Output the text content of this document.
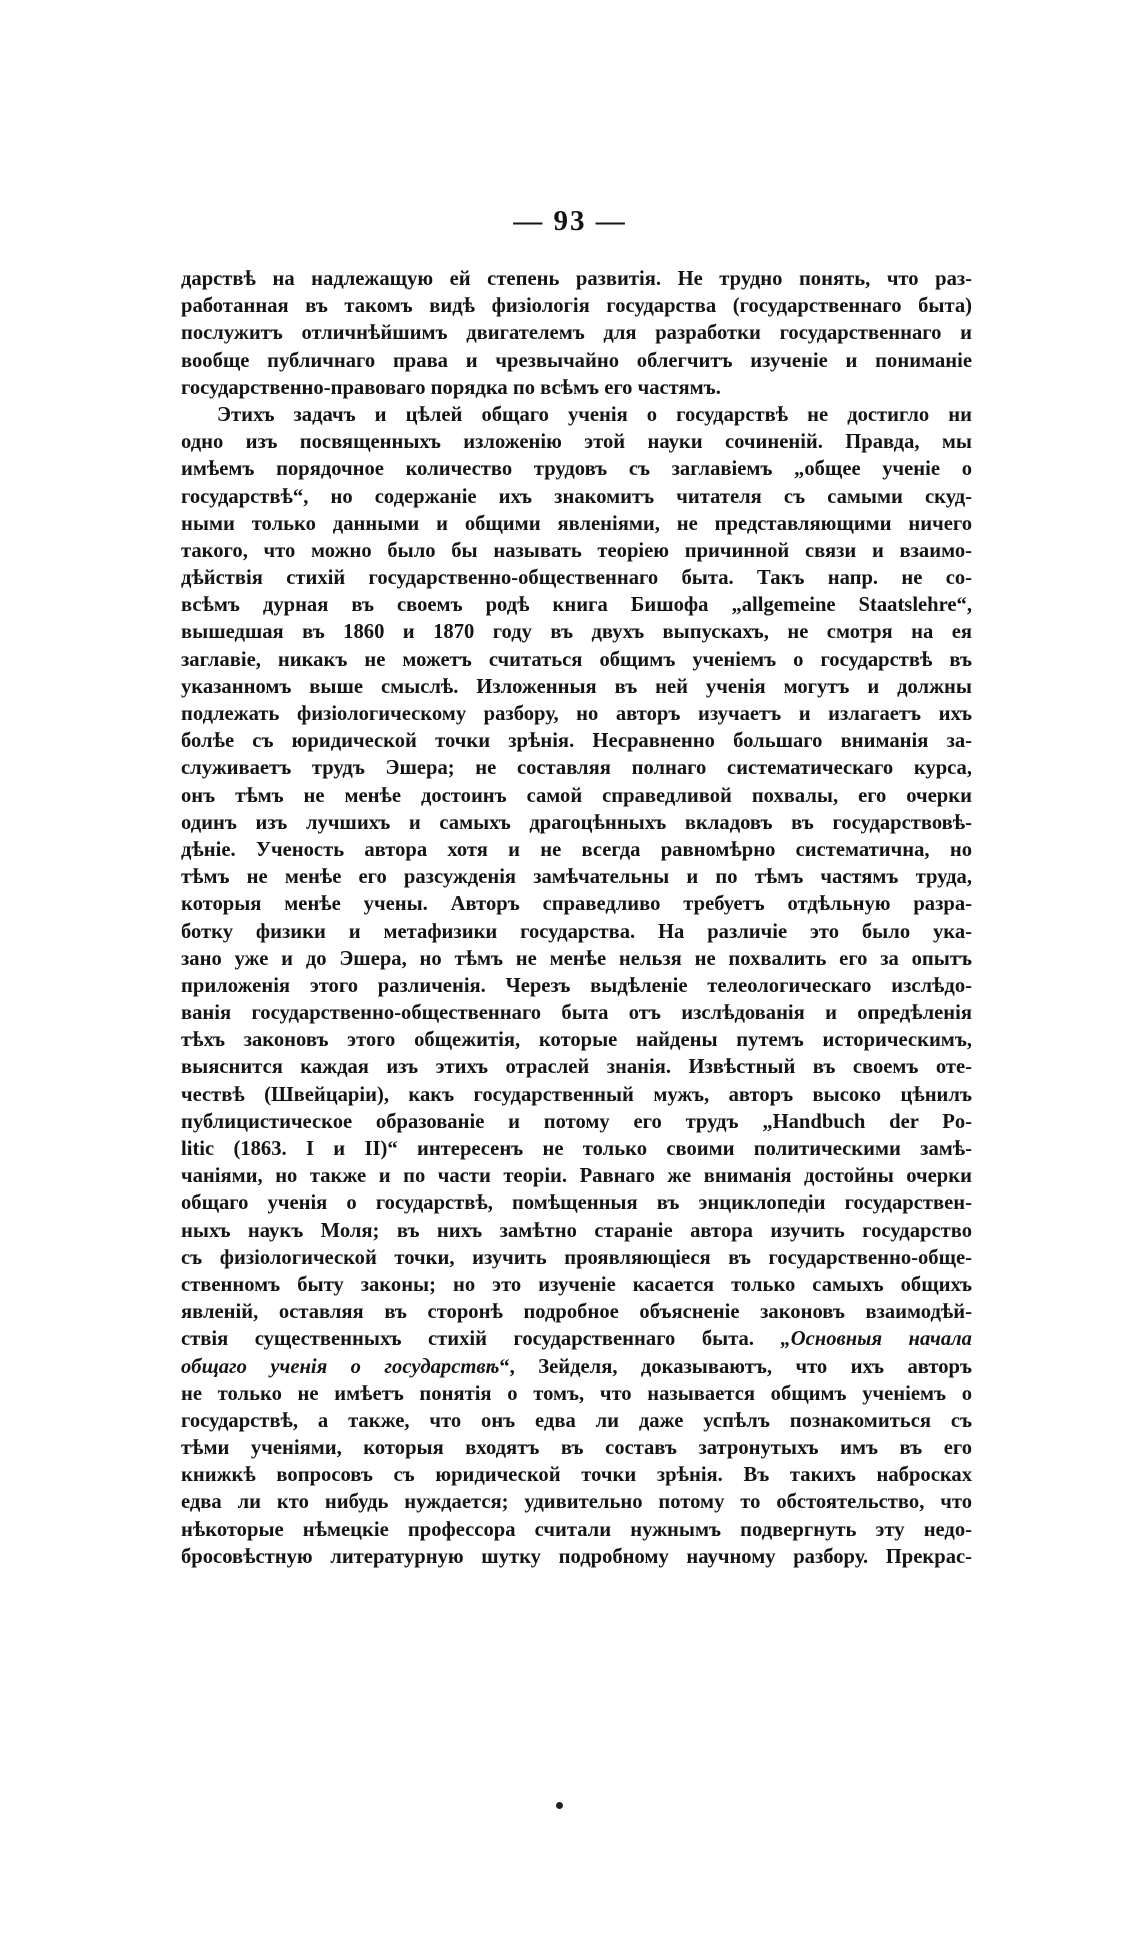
— 93 —
дарствѣ на надлежащую ей степень развитія. Не трудно понять, что раз-
работанная въ такомъ видѣ физіологія государства (государственнаго быта)
послужитъ отличнѣйшимъ двигателемъ для разработки государственнаго и
вообще публичнаго права и чрезвычайно облегчитъ изученіе и пониманіе
государственно-правоваго порядка по всѣмъ его частямъ.
Этихъ задачъ и цѣлей общаго ученія о государствѣ не достигло ни
одно изъ посвященныхъ изложенію этой науки сочиненій. Правда, мы
имѣемъ порядочное количество трудовъ съ заглавіемъ „общее ученіе о
государствѣ“, но содержаніе ихъ знакомитъ читателя съ самыми скуд-
ными только данными и общими явленіями, не представляющими ничего
такого, что можно было бы называть теоріею причинной связи и взаимо-
дѣйствія стихій государственно-общественнаго быта. Такъ напр. не со-
всѣмъ дурная въ своемъ родѣ книга Бишофа „allgemeine Staatslehre“,
вышедшая въ 1860 и 1870 году въ двухъ выпускахъ, не смотря на ея
заглавіе, никакъ не можетъ считаться общимъ ученіемъ о государствѣ въ
указанномъ выше смыслѣ. Изложенныя въ ней ученія могутъ и должны
подлежать физіологическому разбору, но авторъ изучаетъ и излагаетъ ихъ
болѣе съ юридической точки зрѣнія. Несравненно большаго вниманія за-
служиваетъ трудъ Эшера; не составляя полнаго систематическаго курса,
онъ тѣмъ не менѣе достоинъ самой справедливой похвалы, его очерки
одинъ изъ лучшихъ и самыхъ драгоцѣнныхъ вкладовъ въ государствовѣ-
дѣніе. Ученость автора хотя и не всегда равномѣрно систематична, но
тѣмъ не менѣе его разсужденія замѣчательны и по тѣмъ частямъ труда,
которыя менѣе учены. Авторъ справедливо требуетъ отдѣльную разра-
ботку физики и метафизики государства. На различіе это было ука-
зано уже и до Эшера, но тѣмъ не менѣе нельзя не похвалить его за опытъ
приложенія этого различенія. Черезъ выдѣленіе телеологическаго изслѣдо-
ванія государственно-общественнаго быта отъ изслѣдованія и опредѣленія
тѣхъ законовъ этого общежитія, которые найдены путемъ историческимъ,
выяснится каждая изъ этихъ отраслей знанія. Извѣстный въ своемъ оте-
чествѣ (Швейцаріи), какъ государственный мужъ, авторъ высоко цѣнилъ
публицистическое образованіе и потому его трудъ „Handbuch der Po-
litic (1863. I и II)“ интересенъ не только своими политическими замѣ-
чаніями, но также и по части теоріи. Равнаго же вниманія достойны очерки
общаго ученія о государствѣ, помѣщенныя въ энциклопедіи государствен-
ныхъ наукъ Моля; въ нихъ замѣтно стараніе автора изучить государство
съ физіологической точки, изучить проявляющіеся въ государственно-обще-
ственномъ быту законы; но это изученіе касается только самыхъ общихъ
явленій, оставляя въ сторонѣ подробное объясненіе законовъ взаимодѣй-
ствія существенныхъ стихій государственнаго быта. „Основныя начала
общаго ученія о государствѣ“, Зейделя, доказываютъ, что ихъ авторъ
не только не имѣетъ понятія о томъ, что называется общимъ ученіемъ о
государствѣ, а также, что онъ едва ли даже успѣлъ познакомиться съ
тѣми ученіями, которыя входятъ въ составъ затронутыхъ имъ въ его
книжкѣ вопросовъ съ юридической точки зрѣнія. Въ такихъ набросках
едва ли кто нибудь нуждается; удивительно потому то обстоятельство, что
нѣкоторые нѣмецкіе профессора считали нужнымъ подвергнуть эту недо-
бросовѣстную литературную шутку подробному научному разбору. Прекрас-
